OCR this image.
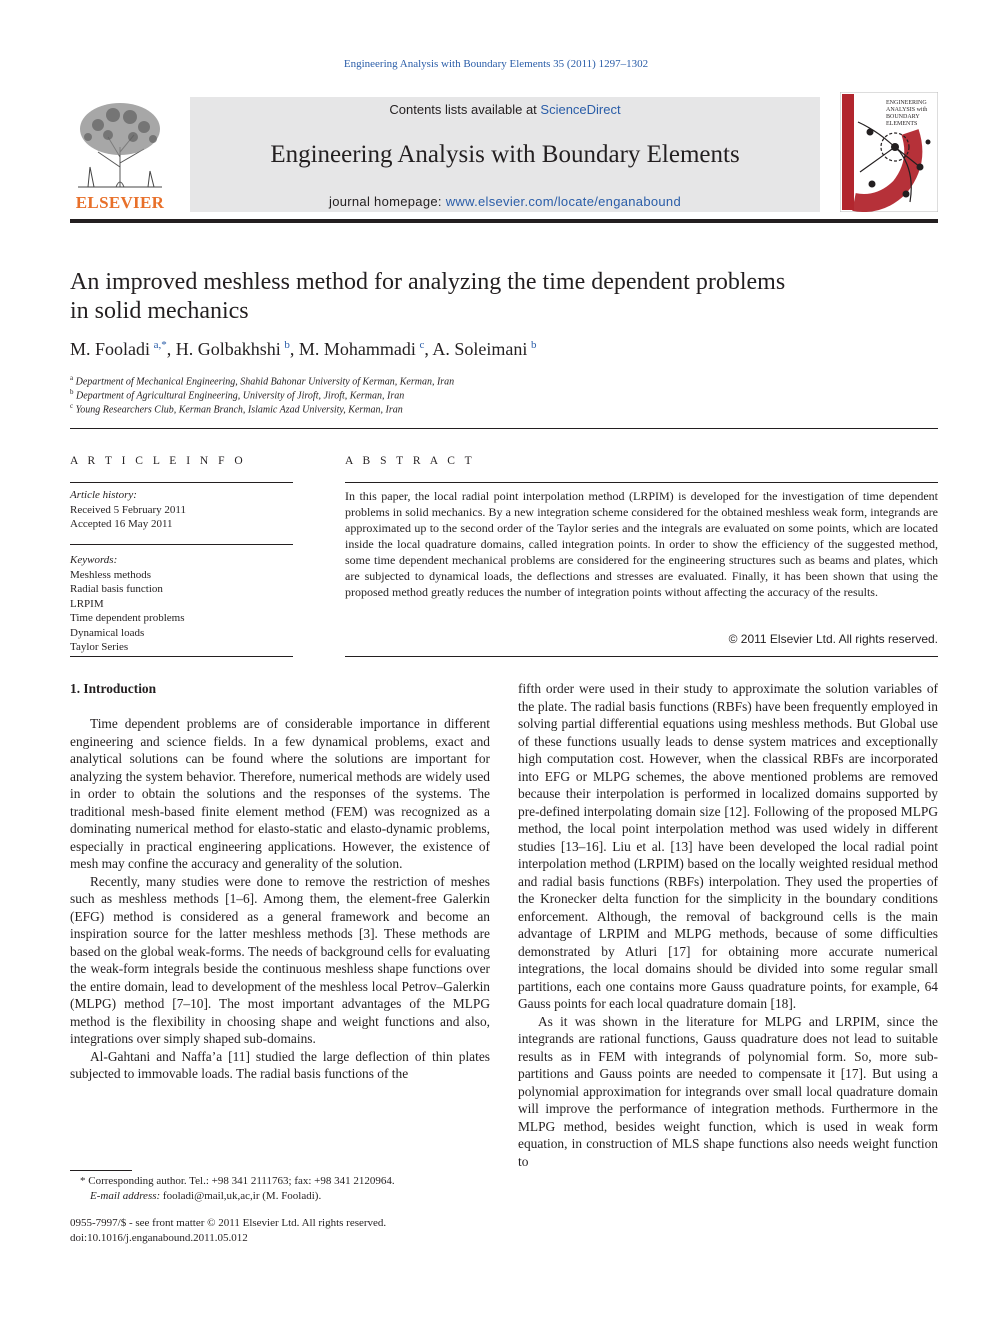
Engineering Analysis with Boundary Elements 35 (2011) 1297–1302
ELSEVIER
Contents lists available at ScienceDirect
Engineering Analysis with Boundary Elements
journal homepage: www.elsevier.com/locate/enganabound
ENGINEERING
ANALYSIS with
BOUNDARY
ELEMENTS
An improved meshless method for analyzing the time dependent problems
in solid mechanics
M. Fooladi  $^{a,*}$, H. Golbakhshi  $^b$, M. Mohammadi  $^c$, A. Soleimani  $^b$
$^a$ Department of Mechanical Engineering, Shahid Bahonar University of Kerman, Kerman, Iran
$^b$ Department of Agricultural Engineering, University of Jiroft, Jiroft, Kerman, Iran
$^c$ Young Researchers Club, Kerman Branch, Islamic Azad University, Kerman, Iran
A R T I C L E I N F O
Article history:
Received 5 February 2011
Accepted 16 May 2011
Keywords:
Meshless methods
Radial basis function
LRPIM
Time dependent problems
Dynamical loads
Taylor Series
A B S T R A C T
In this paper, the local radial point interpolation method (LRPIM) is developed for the investigation of time dependent problems in solid mechanics. By a new integration scheme considered for the obtained meshless weak form, integrands are approximated up to the second order of the Taylor series and the integrals are evaluated on some points, which are located inside the local quadrature domains, called integration points. In order to show the efficiency of the suggested method, some time dependent mechanical problems are considered for the engineering structures such as beams and plates, which are subjected to dynamical loads, the deflections and stresses are evaluated. Finally, it has been shown that using the proposed method greatly reduces the number of integration points without affecting the accuracy of the results.
© 2011 Elsevier Ltd. All rights reserved.
1. Introduction

Time dependent problems are of considerable importance in different engineering and science fields. In a few dynamical problems, exact and analytical solutions can be found where the solutions are important for analyzing the system behavior. Therefore, numerical methods are widely used in order to obtain the solutions and the responses of the systems. The traditional mesh-based finite element method (FEM) was recognized as a dominating numerical method for elasto-static and elasto-dynamic problems, especially in practical engineering applications. However, the existence of mesh may confine the accuracy and generality of the solution.

Recently, many studies were done to remove the restriction of meshes such as meshless methods [1–6]. Among them, the element-free Galerkin (EFG) method is considered as a general framework and become an inspiration source for the latter meshless methods [3]. These methods are based on the global weak-forms. The needs of background cells for evaluating the weak-form integrals beside the continuous meshless shape functions over the entire domain, lead to development of the meshless local Petrov–Galerkin (MLPG) method [7–10]. The most important advantages of the MLPG method is the flexibility in choosing shape and weight functions and also, integrations over simply shaped sub-domains.

Al-Gahtani and Naffa’a [11] studied the large deflection of thin plates subjected to immovable loads. The radial basis functions of the

fifth order were used in their study to approximate the solution variables of the plate. The radial basis functions (RBFs) have been frequently employed in solving partial differential equations using meshless methods. But Global use of these functions usually leads to dense system matrices and exceptionally high computation cost. However, when the classical RBFs are incorporated into EFG or MLPG schemes, the above mentioned problems are removed because their interpolation is performed in localized domains supported by pre-defined interpolating domain size [12]. Following of the proposed MLPG method, the local point interpolation method was used widely in different studies [13–16]. Liu et al. [13] have been developed the local radial point interpolation method (LRPIM) based on the locally weighted residual method and radial basis functions (RBFs) interpolation. They used the properties of the Kronecker delta function for the simplicity in the boundary conditions enforcement. Although, the removal of background cells is the main advantage of LRPIM and MLPG methods, because of some difficulties demonstrated by Atluri [17] for obtaining more accurate numerical integrations, the local domains should be divided into some regular small partitions, each one contains more Gauss quadrature points, for example, 64 Gauss points for each local quadrature domain [18].

As it was shown in the literature for MLPG and LRPIM, since the integrands are rational functions, Gauss quadrature does not lead to suitable results as in FEM with integrands of polynomial form. So, more sub-partitions and Gauss points are needed to compensate it [17]. But using a polynomial approximation for integrands over small local quadrature domain will improve the performance of integration methods. Furthermore in the MLPG method, besides weight function, which is used in weak form equation, in construction of MLS shape functions also needs weight function to

* Corresponding author. Tel.: +98 341 2111763; fax: +98 341 2120964.
E-mail address: fooladi@mail,uk,ac,ir (M. Fooladi).
0955-7997/$ - see front matter © 2011 Elsevier Ltd. All rights reserved.
doi:10.1016/j.enganabound.2011.05.012
